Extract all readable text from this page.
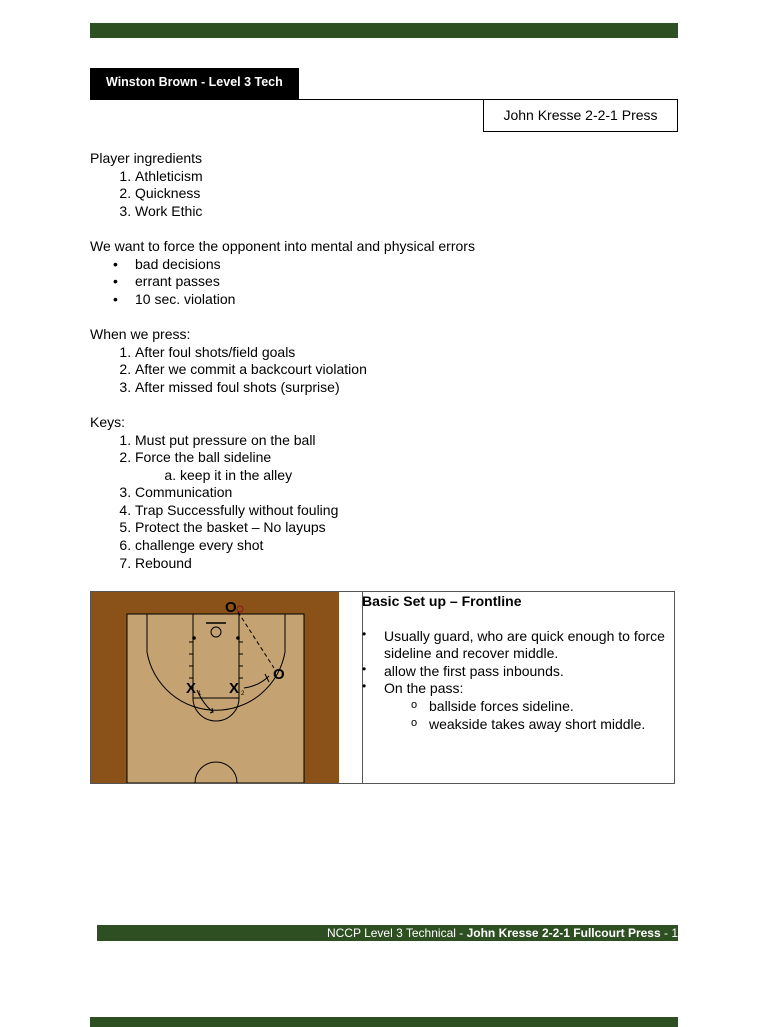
Winston Brown - Level 3 Tech
John Kresse 2-2-1 Press

Player ingredients

1. Athleticism
2. Quickness
3. Work Ethic

We want to force the opponent into mental and physical errors

• bad decisions
• errant passes
• 10 sec. violation

When we press:

1. After foul shots/field goals
2. After we commit a backcourt violation
3. After missed foul shots (surprise)

Keys:

1. Must put pressure on the ball
2. Force the ball sideline
a. keep it in the alley
3. Communication
4. Trap Successfully without fouling
5. Protect the basket – No layups
6. challenge every shot
7. Rebound
O
O
X 1 X 2

Basic Set up – Frontline

• Usually guard, who are quick enough to force sideline and recover middle.
• allow the first pass inbounds.
• On the pass:
o ballside forces sideline.
o weakside takes away short middle.
NCCP Level 3 Technical - John Kresse 2-2-1 Fullcourt Press - 1
